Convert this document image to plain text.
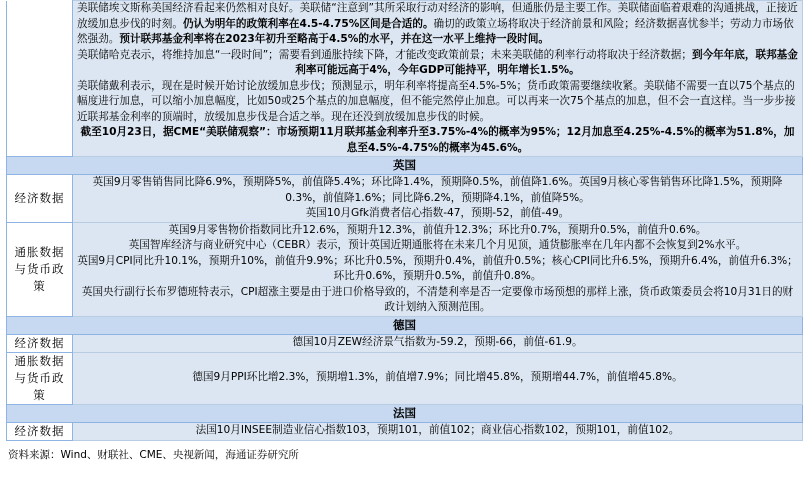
	美联储埃文斯称美国经济看起来仍然相对良好。美联储“注意到”其所采取行动对经济的影响，但通胀仍是主要工作。美联储面临着艰难的沟通挑战，正接近放缓加息步伐的时刻。仍认为明年的政策利率在4.5-4.75%区间是合适的。确切的政策立场将取决于经济前景和风险；经济数据喜忧参半；劳动力市场依然强劲。预计联邦基金利率将在2023年初升至略高于4.5%的水平，并在这一水平上维持一段时间。
美联储哈克表示，将维持加息“一段时间”；需要看到通胀持续下降，才能改变政策前景；未来美联储的利率行动将取决于经济数据；到今年年底，联邦基金利率可能远高于4%，今年GDP可能持平，明年增长1.5%。
美联储戴利表示，现在是时候开始讨论放缓加息步伐；预测显示，明年利率将提高至4.5%-5%；货币政策需要继续收紧。美联储不需要一直以75个基点的幅度进行加息，可以缩小加息幅度，比如50或25个基点的加息幅度，但不能完然停止加息。可以再来一次75个基点的加息，但不会一直这样。当一步步接近联邦基金利率的顶端时，放缓加息步伐是合适之举。现在还没到放缓加息步伐的时候。
截至10月23日，据CME“美联储观察”：市场预期11月联邦基金利率升至3.75%-4%的概率为95%；12月加息至4.25%-4.5%的概率为51.8%，加息至4.5%-4.75%的概率为45.6%。

英国	
经济数据	英国9月零售销售同比降6.9%，预期降5%，前值降5.4%；环比降1.4%，预期降0.5%，前值降1.6%。英国9月核心零售销售环比降1.5%，预期降0.3%，前值降1.6%；同比降6.2%，预期降4.1%，前值降5%。
英国10月Gfk消费者信心指数-47，预期-52，前值-49。

通胀数据与货币政策	英国9月零售物价指数同比升12.6%，预期升12.3%，前值升12.3%；环比升0.7%，预期升0.5%，前值升0.6%。
英国智库经济与商业研究中心（CEBR）表示，预计英国近期通胀将在未来几个月见顶，通货膨胀率在几年内都不会恢复到2%水平。
英国9月CPI同比升10.1%，预期升10%，前值升9.9%；环比升0.5%，预期升0.4%，前值升0.5%；核心CPI同比升6.5%，预期升6.4%，前值升6.3%；环比升0.6%，预期升0.5%，前值升0.8%。
英国央行副行长布罗德班特表示，CPI超涨主要是由于进口价格导致的，不清楚利率是否一定要像市场预想的那样上涨，货币政策委员会将10月31日的财政计划纳入预测范围。

德国	
经济数据	德国10月ZEW经济景气指数为-59.2，预期-66，前值-61.9。
通胀数据与货币政策	德国9月PPI环比增2.3%，预期增1.3%，前值增7.9%；同比增45.8%，预期增44.7%，前值增45.8%。
法国	
经济数据	法国10月INSEE制造业信心指数103，预期101，前值102；商业信心指数102，预期101，前值102。
资料来源：Wind、财联社、CME、央视新闻，海通证券研究所
